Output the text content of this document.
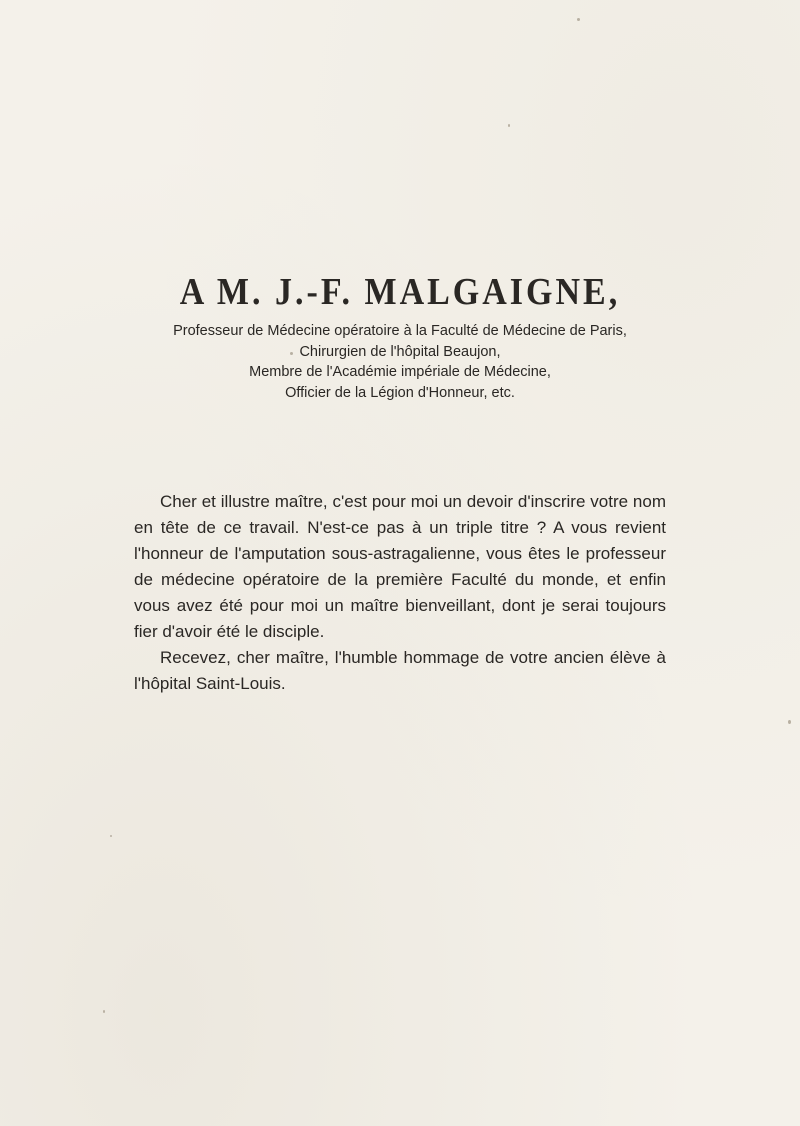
A M. J.-F. MALGAIGNE,
Professeur de Médecine opératoire à la Faculté de Médecine de Paris,
Chirurgien de l'hôpital Beaujon,
Membre de l'Académie impériale de Médecine,
Officier de la Légion d'Honneur, etc.

Cher et illustre maître, c'est pour moi un devoir d'inscrire votre nom en tête de ce travail. N'est-ce pas à un triple titre ? A vous revient l'honneur de l'amputation sous-astragalienne, vous êtes le professeur de médecine opératoire de la première Faculté du monde, et enfin vous avez été pour moi un maître bienveillant, dont je serai toujours fier d'avoir été le disciple.

Recevez, cher maître, l'humble hommage de votre ancien élève à l'hôpital Saint-Louis.
